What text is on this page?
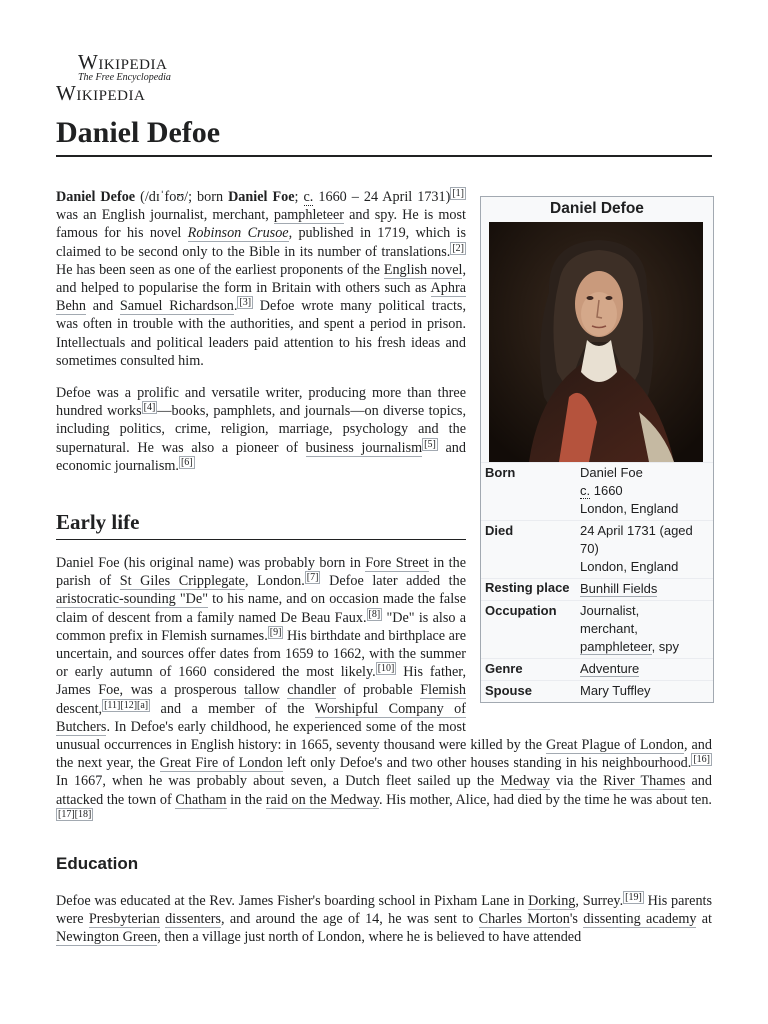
Wikipedia
The Free Encyclopedia
Wikipedia
Daniel Defoe

Daniel Defoe (/dɪˈfoʊ/; born Daniel Foe; c. 1660 – 24 April 1731) [1] was an English journalist, merchant, pamphleteer and spy. He is most famous for his novel Robinson Crusoe, published in 1719, which is claimed to be second only to the Bible in its number of translations. [2] He has been seen as one of the earliest proponents of the English novel, and helped to popularise the form in Britain with others such as Aphra Behn and Samuel Richardson. [3] Defoe wrote many political tracts, was often in trouble with the authorities, and spent a period in prison. Intellectuals and political leaders paid attention to his fresh ideas and sometimes consulted him.

Defoe was a prolific and versatile writer, producing more than three hundred works [4] —books, pamphlets, and journals—on diverse topics, including politics, crime, religion, marriage, psychology and the supernatural. He was also a pioneer of business journalism [5] and economic journalism. [6]

Early life

Daniel Foe (his original name) was probably born in Fore Street in the parish of St Giles Cripplegate, London. [7] Defoe later added the aristocratic-sounding "De" to his name, and on occasion made the false claim of descent from a family named De Beau Faux. [8] "De" is also a common prefix in Flemish surnames. [9] His birthdate and birthplace are uncertain, and sources offer dates from 1659 to 1662, with the summer or early autumn of 1660 considered the most likely. [10] His father, James Foe, was a prosperous tallow chandler of probable Flemish descent, [11][12][a] and a member of the Worshipful Company of Butchers. In Defoe's early childhood, he experienced some of the most unusual occurrences in English history: in 1665, seventy thousand were killed by the Great Plague of London, and the next year, the Great Fire of London left only Defoe's and two other houses standing in his neighbourhood. [16] In 1667, when he was probably about seven, a Dutch fleet sailed up the Medway via the River Thames and attacked the town of Chatham in the raid on the Medway. His mother, Alice, had died by the time he was about ten.[17][18]

Education

Defoe was educated at the Rev. James Fisher's boarding school in Pixham Lane in Dorking, Surrey. [19] His parents were Presbyterian dissenters, and around the age of 14, he was sent to Charles Morton's dissenting academy at Newington Green, then a village just north of London, where he is believed to have attended

Daniel Defoe
Born	Daniel Foe
c. 1660
London, England
Died	24 April 1731 (aged 70)
London, England
Resting place Bunhill Fields
Occupation	Journalist,
merchant,
pamphleteer, spy
Genre	Adventure
Spouse	Mary Tuffley
